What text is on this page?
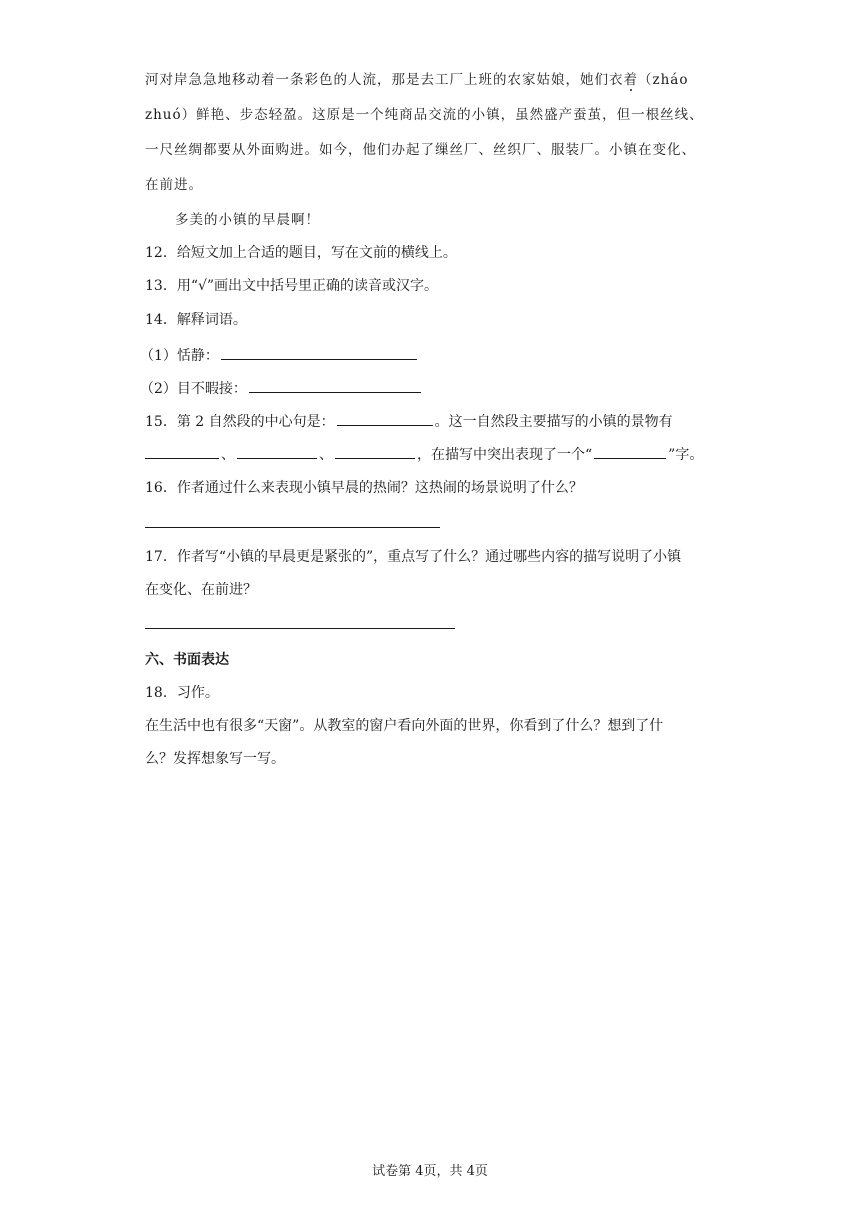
河对岸急急地移动着一条彩色的人流，那是去工厂上班的农家姑娘，她们衣着（zháo
zhuó）鲜艳、步态轻盈。这原是一个纯商品交流的小镇，虽然盛产蚕茧，但一根丝线、
一尺丝绸都要从外面购进。如今，他们办起了缫丝厂、丝织厂、服装厂。小镇在变化、
在前进。
多美的小镇的早晨啊！
12．给短文加上合适的题目，写在文前的横线上。
13．用“√”画出文中括号里正确的读音或汉字。
14．解释词语。
（1）恬静：
（2）目不暇接：
15．第 2 自然段的中心句是：	。这一自然段主要描写的小镇的景物有
、	、	，在描写中突出表现了一个“	”字。
16．作者通过什么来表现小镇早晨的热闹？这热闹的场景说明了什么？
17．作者写“小镇的早晨更是紧张的”，重点写了什么？通过哪些内容的描写说明了小镇
在变化、在前进？
六、书面表达
18．习作。
在生活中也有很多“天窗”。从教室的窗户看向外面的世界，你看到了什么？想到了什
么？发挥想象写一写。
试卷第 4页，共 4页
